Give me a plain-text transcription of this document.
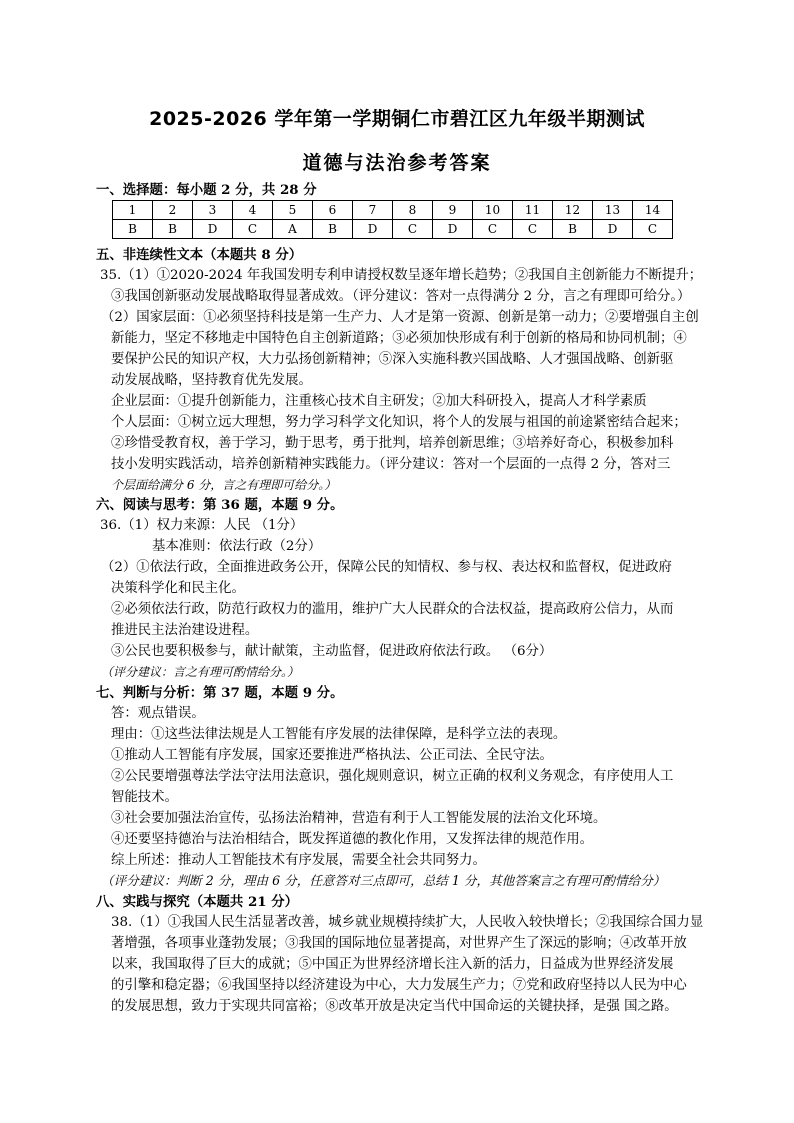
2025-2026 学年第一学期铜仁市碧江区九年级半期测试
道德与法治参考答案
一、选择题：每小题 2 分，共 28 分
1	2	3	4	5	6	7	8	9	10	11	12	13	14
B	B	D	C	A	B	D	C	D	C	C	B	D	C
五、非连续性文本（本题共 8 分）
35.（1）①2020-2024 年我国发明专利申请授权数呈逐年增长趋势；②我国自主创新能力不断提升；
③我国创新驱动发展战略取得显著成效。（评分建议：答对一点得满分 2 分，言之有理即可给分。）
（2）国家层面：①必须坚持科技是第一生产力、人才是第一资源、创新是第一动力；②要增强自主创
新能力，坚定不移地走中国特色自主创新道路；③必须加快形成有利于创新的格局和协同机制；④
要保护公民的知识产权，大力弘扬创新精神；⑤深入实施科教兴国战略、人才强国战略、创新驱
动发展战略，坚持教育优先发展。
企业层面：①提升创新能力，注重核心技术自主研发；②加大科研投入，提高人才科学素质
个人层面：①树立远大理想，努力学习科学文化知识，将个人的发展与祖国的前途紧密结合起来；
②珍惜受教育权，善于学习，勤于思考，勇于批判，培养创新思维；③培养好奇心，积极参加科
技小发明实践活动，培养创新精神实践能力。（评分建议：答对一个层面的一点得 2 分，答对三
个层面给满分 6 分，言之有理即可给分。）
六、阅读与思考：第 36 题，本题 9 分。
36.（1）权力来源：人民 （1分）
基本准则：依法行政（2分）
（2）①依法行政，全面推进政务公开，保障公民的知情权、参与权、表达权和监督权，促进政府
决策科学化和民主化。
②必须依法行政，防范行政权力的滥用，维护广大人民群众的合法权益，提高政府公信力，从而
推进民主法治建设进程。
③公民也要积极参与，献计献策，主动监督，促进政府依法行政。 （6分）
（评分建议：言之有理可酌情给分。）
七、判断与分析：第 37 题，本题 9 分。
答：观点错误。
理由：①这些法律法规是人工智能有序发展的法律保障，是科学立法的表现。
①推动人工智能有序发展，国家还要推进严格执法、公正司法、全民守法。
②公民要增强尊法学法守法用法意识，强化规则意识，树立正确的权利义务观念，有序使用人工
智能技术。
③社会要加强法治宣传，弘扬法治精神，营造有利于人工智能发展的法治文化环境。
④还要坚持德治与法治相结合，既发挥道德的教化作用，又发挥法律的规范作用。
综上所述：推动人工智能技术有序发展，需要全社会共同努力。
（评分建议：判断 2 分，理由 6 分，任意答对三点即可，总结 1 分，其他答案言之有理可酌情给分）
八、实践与探究（本题共 21 分）
38.（1）①我国人民生活显著改善，城乡就业规模持续扩大，人民收入较快增长；②我国综合国力显
著增强，各项事业蓬勃发展；③我国的国际地位显著提高，对世界产生了深远的影响；④改革开放
以来，我国取得了巨大的成就；⑤中国正为世界经济增长注入新的活力，日益成为世界经济发展
的引擎和稳定器；⑥我国坚持以经济建设为中心，大力发展生产力；⑦党和政府坚持以人民为中心
的发展思想，致力于实现共同富裕；⑧改革开放是决定当代中国命运的关键抉择，是强 国之路。
